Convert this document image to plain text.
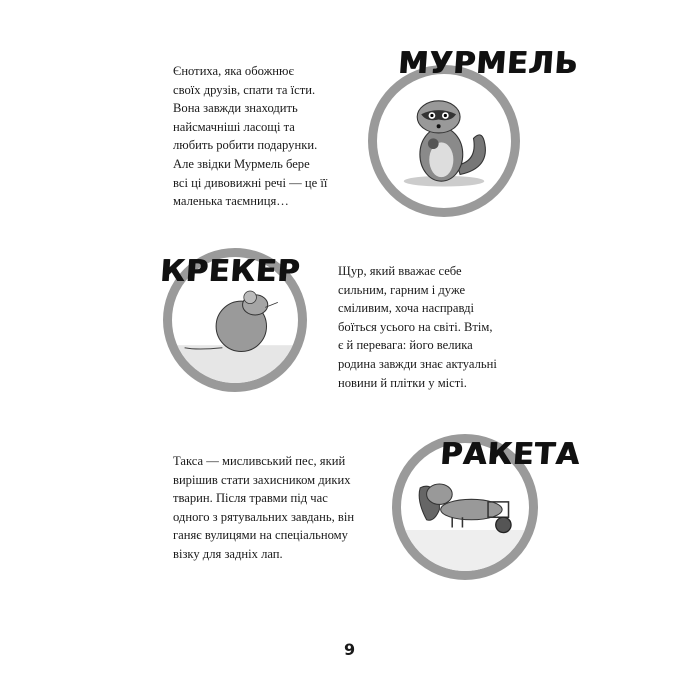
Єнотиха, яка обожнює
своїх друзів, спати та їсти.
Вона завжди знаходить
найсмачніші ласощі та
любить робити подарунки.
Але звідки Мурмель бере
всі ці дивовижні речі — це її
маленька таємниця…
МУРМЕЛЬ
КРЕКЕР	Щур, який вважає себе
сильним, гарним і дуже
сміливим, хоча насправді
боїться усього на світі. Втім,
є й перевага: його велика
родина завжди знає актуальні
новини й плітки у місті.
Такса — мисливський пес, який
вирішив стати захисником диких
тварин. Після травми під час
одного з рятувальних завдань, він
ганяє вулицями на спеціальному
візку для задніх лап.
РАКЕТА
9
